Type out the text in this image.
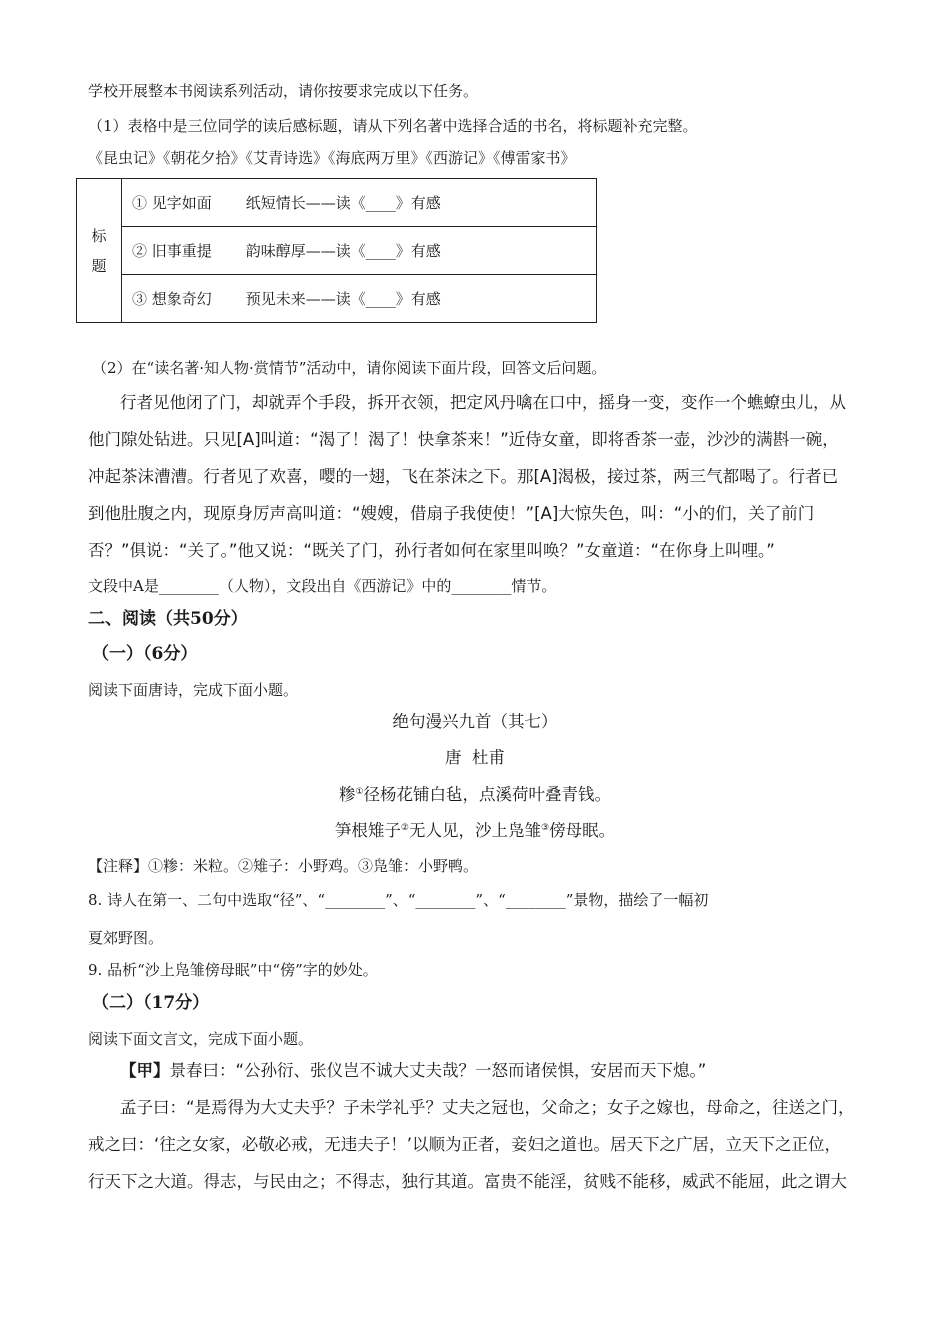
学校开展整本书阅读系列活动，请你按要求完成以下任务。
（1）表格中是三位同学的读后感标题，请从下列名著中选择合适的书名，将标题补充完整。
《昆虫记》《朝花夕拾》《艾青诗选》《海底两万里》《西游记》《傅雷家书》
标
题	① 见字如面 纸短情长——读《____》有感
② 旧事重提 韵味醇厚——读《____》有感
③ 想象奇幻 预见未来——读《____》有感
（2）在“读名著·知人物·赏情节”活动中，请你阅读下面片段，回答文后问题。
行者见他闭了门，却就弄个手段，拆开衣领，把定风丹噙在口中，摇身一变，变作一个蟭蟟虫儿，从
他门隙处钻进。只见[A]叫道：“渴了！渴了！快拿茶来！”近侍女童，即将香茶一壶，沙沙的满斟一碗，
冲起茶沫漕漕。行者见了欢喜，嘤的一翅，飞在茶沫之下。那[A]渴极，接过茶，两三气都喝了。行者已
到他肚腹之内，现原身厉声高叫道：“嫂嫂，借扇子我使使！”[A]大惊失色，叫：“小的们，关了前门
否？”俱说：“关了。”他又说：“既关了门，孙行者如何在家里叫唤？”女童道：“在你身上叫哩。”
文段中A是________（人物），文段出自《西游记》中的________情节。
二、阅读（共50分）
（一）（6分）
阅读下面唐诗，完成下面小题。
绝句漫兴九首（其七）
唐  杜甫
糁①径杨花铺白毡，点溪荷叶叠青钱。
笋根雉子②无人见，沙上凫雏③傍母眠。
【注释】①糁：米粒。②雉子：小野鸡。③凫雏：小野鸭。
8. 诗人在第一、二句中选取“径”、“________”、“________”、“________”景物，描绘了一幅初
夏郊野图。
9. 品析“沙上凫雏傍母眠”中“傍”字的妙处。
（二）（17分）
阅读下面文言文，完成下面小题。
【甲】景春曰：“公孙衍、张仪岂不诚大丈夫哉？一怒而诸侯惧，安居而天下熄。”
孟子曰：“是焉得为大丈夫乎？子未学礼乎？丈夫之冠也，父命之；女子之嫁也，母命之，往送之门，
戒之曰：‘往之女家，必敬必戒，无违夫子！’以顺为正者，妾妇之道也。居天下之广居，立天下之正位，
行天下之大道。得志，与民由之；不得志，独行其道。富贵不能淫，贫贱不能移，威武不能屈，此之谓大
